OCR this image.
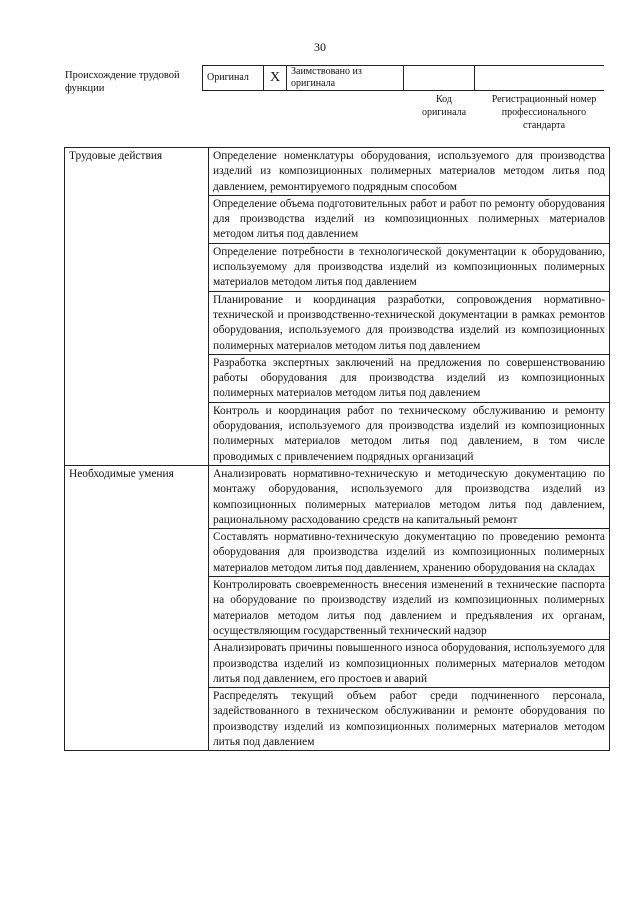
30
Происхождение трудовой функции
Оригинал	X	Заимствовано из оригинала		
Код оригинала
Регистрационный номер профессионального стандарта
Трудовые действия	Определение номенклатуры оборудования, используемого для производства изделий из композиционных полимерных материалов методом литья под давлением, ремонтируемого подрядным способом
	Определение объема подготовительных работ и работ по ремонту оборудования для производства изделий из композиционных полимерных материалов методом литья под давлением
	Определение потребности в технологической документации к оборудованию, используемому для производства изделий из композиционных полимерных материалов методом литья под давлением
	Планирование и координация разработки, сопровождения нормативно-технической и производственно-технической документации в рамках ремонтов оборудования, используемого для производства изделий из композиционных полимерных материалов методом литья под давлением
	Разработка экспертных заключений на предложения по совершенствованию работы оборудования для производства изделий из композиционных полимерных материалов методом литья под давлением
	Контроль и координация работ по техническому обслуживанию и ремонту оборудования, используемого для производства изделий из композиционных полимерных материалов методом литья под давлением, в том числе проводимых с привлечением подрядных организаций
Необходимые умения	Анализировать нормативно-техническую и методическую документацию по монтажу оборудования, используемого для производства изделий из композиционных полимерных материалов методом литья под давлением, рациональному расходованию средств на капитальный ремонт
	Составлять нормативно-техническую документацию по проведению ремонта оборудования для производства изделий из композиционных полимерных материалов методом литья под давлением, хранению оборудования на складах
	Контролировать своевременность внесения изменений в технические паспорта на оборудование по производству изделий из композиционных полимерных материалов методом литья под давлением и предъявления их органам, осуществляющим государственный технический надзор
	Анализировать причины повышенного износа оборудования, используемого для производства изделий из композиционных полимерных материалов методом литья под давлением, его простоев и аварий
	Распределять текущий объем работ среди подчиненного персонала, задействованного в техническом обслуживании и ремонте оборудования по производству изделий из композиционных полимерных материалов методом литья под давлением
